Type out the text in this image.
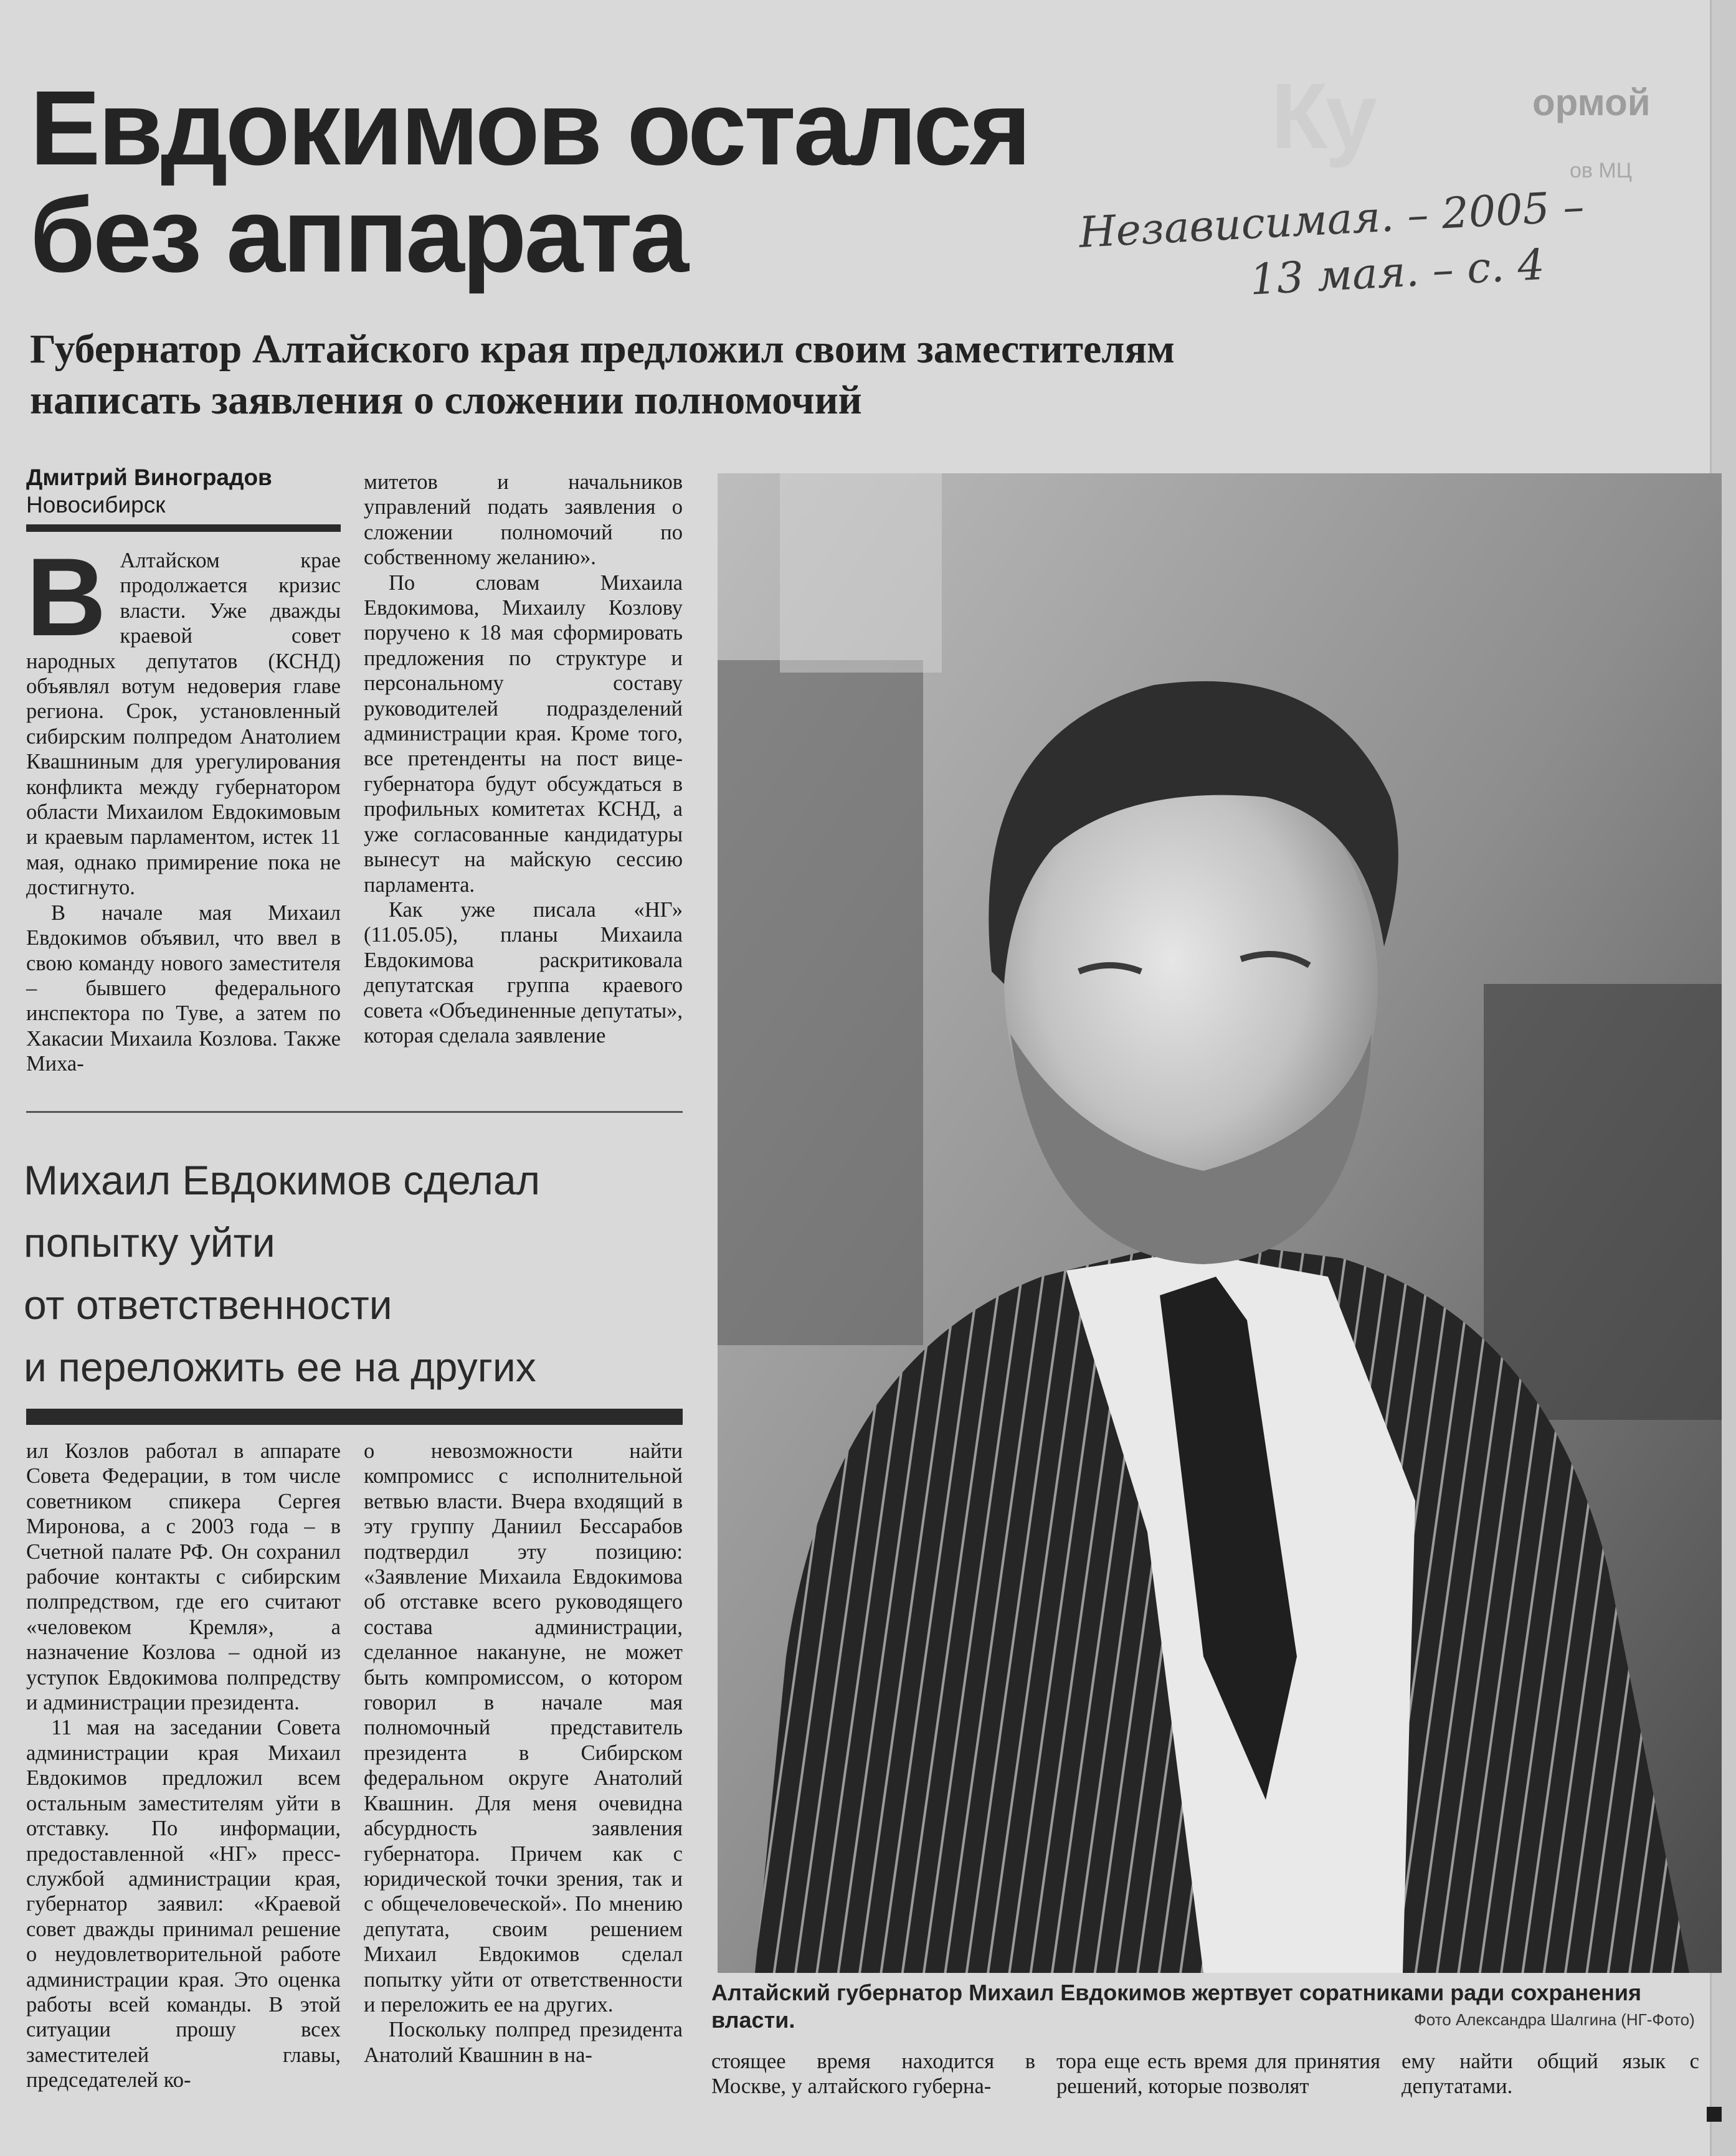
Ку	ормой
ов МЦ
Евдокимов остался
без аппарата	Независимая. – 2005 –
13 мая. – с. 4
Губернатор Алтайского края предложил своим заместителям
написать заявления о сложении полномочий
Дмитрий Виноградов
Новосибирск

В Алтайском крае продолжается кризис власти. Уже дважды краевой совет народных депутатов (КСНД) объявлял вотум недоверия главе региона. Срок, установленный сибирским полпредом Анатолием Квашниным для урегулирования конфликта между губернатором области Михаилом Евдокимовым и краевым парламентом, истек 11 мая, однако примирение пока не достигнуто.

В начале мая Михаил Евдокимов объявил, что ввел в свою команду нового заместителя – бывшего федерального инспектора по Туве, а затем по Хакасии Михаила Козлова. Также Миха-

митетов и начальников управлений подать заявления о сложении полномочий по собственному желанию».

По словам Михаила Евдокимова, Михаилу Козлову поручено к 18 мая сформировать предложения по структуре и персональному составу руководителей подразделений администрации края. Кроме того, все претенденты на пост вице-губернатора будут обсуждаться в профильных комитетах КСНД, а уже согласованные кандидатуры вынесут на майскую сессию парламента.

Как уже писала «НГ» (11.05.05), планы Михаила Евдокимова раскритиковала депутатская группа краевого совета «Объединенные депутаты», которая сделала заявление

Михаил Евдокимов сделал
попытку уйти
от ответственности
и переложить ее на других

ил Козлов работал в аппарате Совета Федерации, в том числе советником спикера Сергея Миронова, а с 2003 года – в Счетной палате РФ. Он сохранил рабочие контакты с сибирским полпредством, где его считают «человеком Кремля», а назначение Козлова – одной из уступок Евдокимова полпредству и администрации президента.

11 мая на заседании Совета администрации края Михаил Евдокимов предложил всем остальным заместителям уйти в отставку. По информации, предоставленной «НГ» пресс-службой администрации края, губернатор заявил: «Краевой совет дважды принимал решение о неудовлетворительной работе администрации края. Это оценка работы всей команды. В этой ситуации прошу всех заместителей главы, председателей ко-

о невозможности найти компромисс с исполнительной ветвью власти. Вчера входящий в эту группу Даниил Бессарабов подтвердил эту позицию: «Заявление Михаила Евдокимова об отставке всего руководящего состава администрации, сделанное накануне, не может быть компромиссом, о котором говорил в начале мая полномочный представитель президента в Сибирском федеральном округе Анатолий Квашнин. Для меня очевидна абсурдность заявления губернатора. Причем как с юридической точки зрения, так и с общечеловеческой». По мнению депутата, своим решением Михаил Евдокимов сделал попытку уйти от ответственности и переложить ее на других.

Поскольку полпред президента Анатолий Квашнин в на-

Алтайский губернатор Михаил Евдокимов жертвует соратниками ради сохранения власти.	Фото Александра Шалгина (НГ-Фото)

стоящее время находится в Москве, у алтайского губерна-

тора еще есть время для принятия решений, которые позволят

ему найти общий язык с депутатами.
